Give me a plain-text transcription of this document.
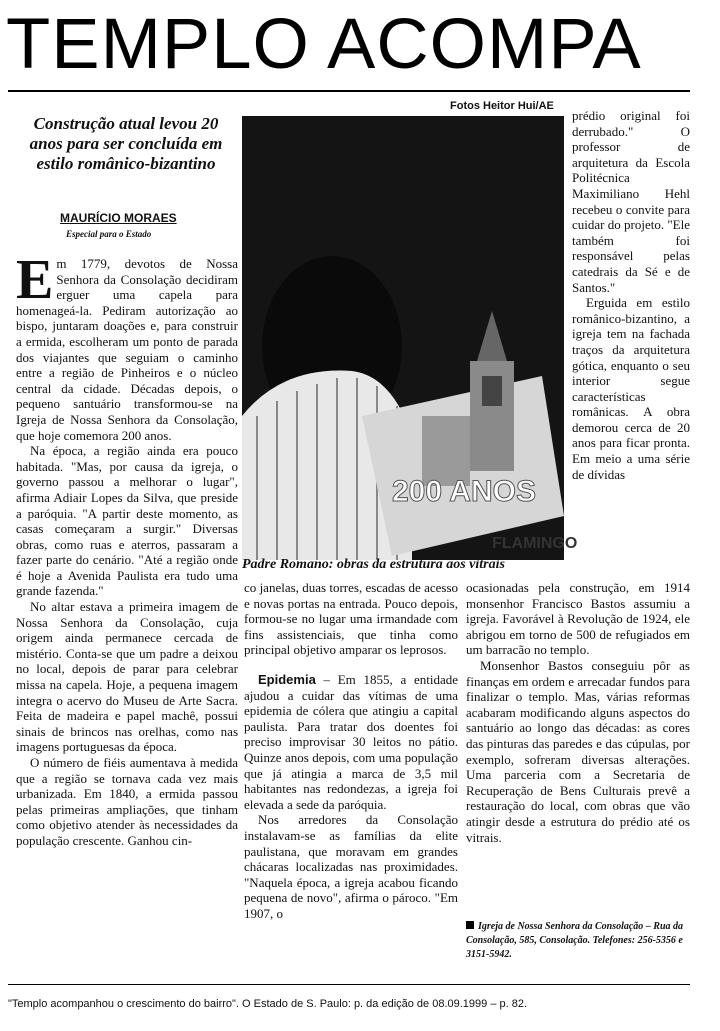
TEMPLO ACOMPA
Fotos Heitor Hui/AE
Construção atual levou 20 anos para ser concluída em estilo românico-bizantino
MAURÍCIO MORAES
Especial para o Estado

Em 1779, devotos de Nossa Senhora da Consolação decidiram erguer uma capela para homenageá-la. Pediram autorização ao bispo, juntaram doações e, para construir a ermida, escolheram um ponto de parada dos viajantes que seguiam o caminho entre a região de Pinheiros e o núcleo central da cidade. Décadas depois, o pequeno santuário transformou-se na Igreja de Nossa Senhora da Consolação, que hoje comemora 200 anos.

Na época, a região ainda era pouco habitada. "Mas, por causa da igreja, o governo passou a melhorar o lugar", afirma Adiair Lopes da Silva, que preside a paróquia. "A partir deste momento, as casas começaram a surgir." Diversas obras, como ruas e aterros, passaram a fazer parte do cenário. "Até a região onde é hoje a Avenida Paulista era tudo uma grande fazenda."

No altar estava a primeira imagem de Nossa Senhora da Consolação, cuja origem ainda permanece cercada de mistério. Conta-se que um padre a deixou no local, depois de parar para celebrar missa na capela. Hoje, a pequena imagem integra o acervo do Museu de Arte Sacra. Feita de madeira e papel machê, possui sinais de brincos nas orelhas, como nas imagens portuguesas da época.

O número de fiéis aumentava à medida que a região se tornava cada vez mais urbanizada. Em 1840, a ermida passou pelas primeiras ampliações, que tinham como objetivo atender às necessidades da população crescente. Ganhou cin-

200 ANOS
FLAMINGO
Padre Romano: obras da estrutura aos vitrais

co janelas, duas torres, escadas de acesso e novas portas na entrada. Pouco depois, formou-se no lugar uma irmandade com fins assistenciais, que tinha como principal objetivo amparar os leprosos.

Epidemia – Em 1855, a entidade ajudou a cuidar das vítimas de uma epidemia de cólera que atingiu a capital paulista. Para tratar dos doentes foi preciso improvisar 30 leitos no pátio. Quinze anos depois, com uma população que já atingia a marca de 3,5 mil habitantes nas redondezas, a igreja foi elevada a sede da paróquia.

Nos arredores da Consolação instalavam-se as famílias da elite paulistana, que moravam em grandes chácaras localizadas nas proximidades. "Naquela época, a igreja acabou ficando pequena de novo", afirma o pároco. "Em 1907, o

prédio original foi derrubado." O professor de arquitetura da Escola Politécnica Maximiliano Hehl recebeu o convite para cuidar do projeto. "Ele também foi responsável pelas catedrais da Sé e de Santos."

Erguida em estilo românico-bizantino, a igreja tem na fachada traços da arquitetura gótica, enquanto o seu interior segue características românicas. A obra demorou cerca de 20 anos para ficar pronta. Em meio a uma série de dívidas

ocasionadas pela construção, em 1914 monsenhor Francisco Bastos assumiu a igreja. Favorável à Revolução de 1924, ele abrigou em torno de 500 de refugiados em um barracão no templo.

Monsenhor Bastos conseguiu pôr as finanças em ordem e arrecadar fundos para finalizar o templo. Mas, várias reformas acabaram modificando alguns aspectos do santuário ao longo das décadas: as cores das pinturas das paredes e das cúpulas, por exemplo, sofreram diversas alterações. Uma parceria com a Secretaria de Recuperação de Bens Culturais prevê a restauração do local, com obras que vão atingir desde a estrutura do prédio até os vitrais.

Igreja de Nossa Senhora da Consolação – Rua da Consolação, 585, Consolação. Telefones: 256-5356 e 3151-5942.
"Templo acompanhou o crescimento do bairro". O Estado de S. Paulo: p. da edição de 08.09.1999 – p. 82.
